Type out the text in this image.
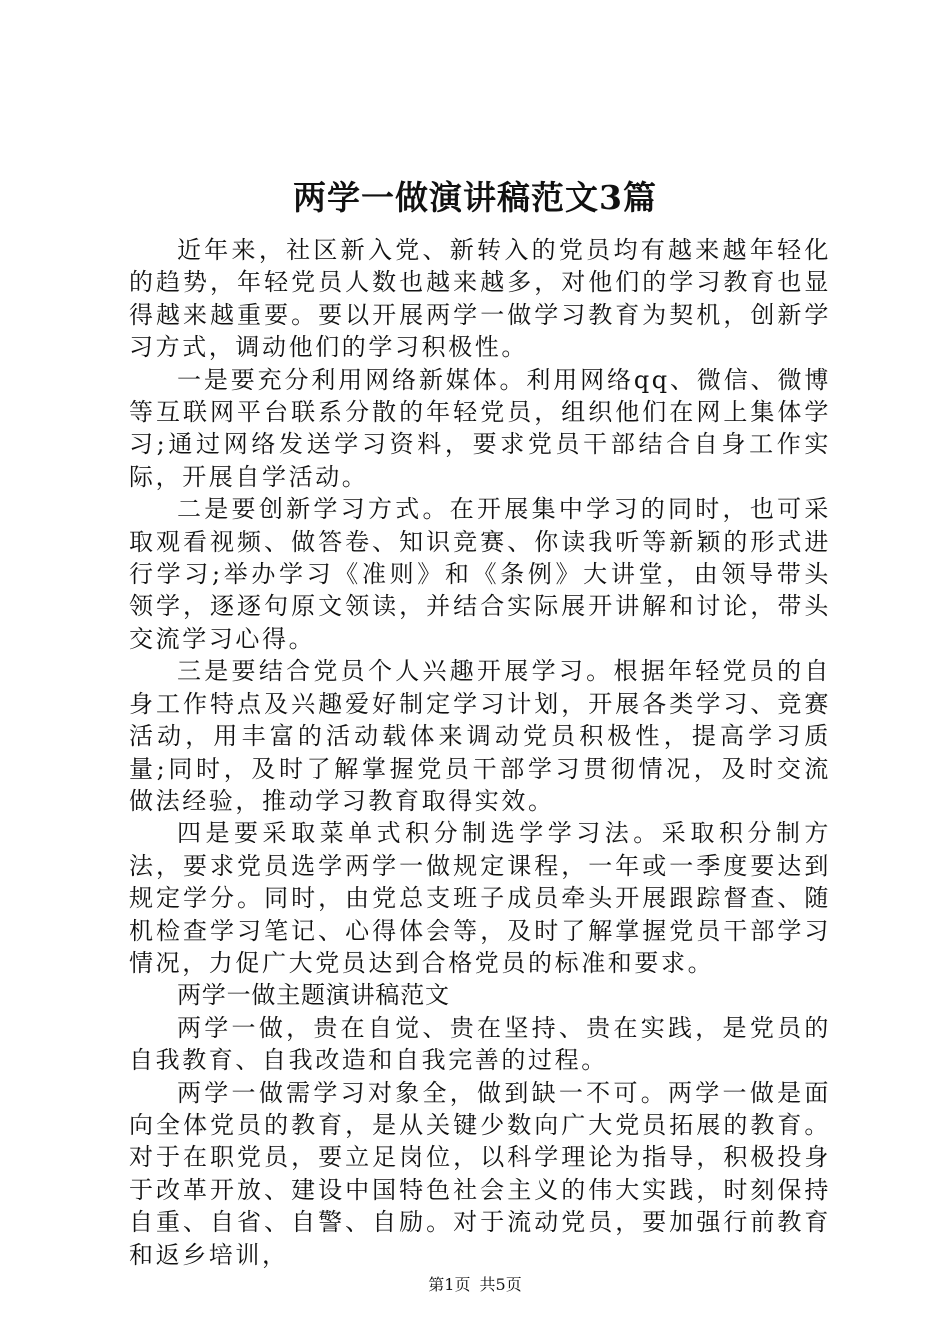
两学一做演讲稿范文3篇

近年来，社区新入党、新转入的党员均有越来越年轻化的趋势，年轻党员人数也越来越多，对他们的学习教育也显得越来越重要。要以开展两学一做学习教育为契机，创新学习方式，调动他们的学习积极性。

一是要充分利用网络新媒体。利用网络qq、微信、微博等互联网平台联系分散的年轻党员，组织他们在网上集体学习;通过网络发送学习资料，要求党员干部结合自身工作实际，开展自学活动。

二是要创新学习方式。在开展集中学习的同时，也可采取观看视频、做答卷、知识竞赛、你读我听等新颖的形式进行学习;举办学习《准则》和《条例》大讲堂，由领导带头领学，逐逐句原文领读，并结合实际展开讲解和讨论，带头交流学习心得。

三是要结合党员个人兴趣开展学习。根据年轻党员的自身工作特点及兴趣爱好制定学习计划，开展各类学习、竞赛活动，用丰富的活动载体来调动党员积极性，提高学习质量;同时，及时了解掌握党员干部学习贯彻情况，及时交流做法经验，推动学习教育取得实效。

四是要采取菜单式积分制选学学习法。采取积分制方法，要求党员选学两学一做规定课程，一年或一季度要达到规定学分。同时，由党总支班子成员牵头开展跟踪督查、随机检查学习笔记、心得体会等，及时了解掌握党员干部学习情况，力促广大党员达到合格党员的标准和要求。

两学一做主题演讲稿范文

两学一做，贵在自觉、贵在坚持、贵在实践，是党员的自我教育、自我改造和自我完善的过程。

两学一做需学习对象全，做到缺一不可。两学一做是面向全体党员的教育，是从关键少数向广大党员拓展的教育。对于在职党员，要立足岗位，以科学理论为指导，积极投身于改革开放、建设中国特色社会主义的伟大实践，时刻保持自重、自省、自警、自励。对于流动党员，要加强行前教育和返乡培训，

第1页 共5页
